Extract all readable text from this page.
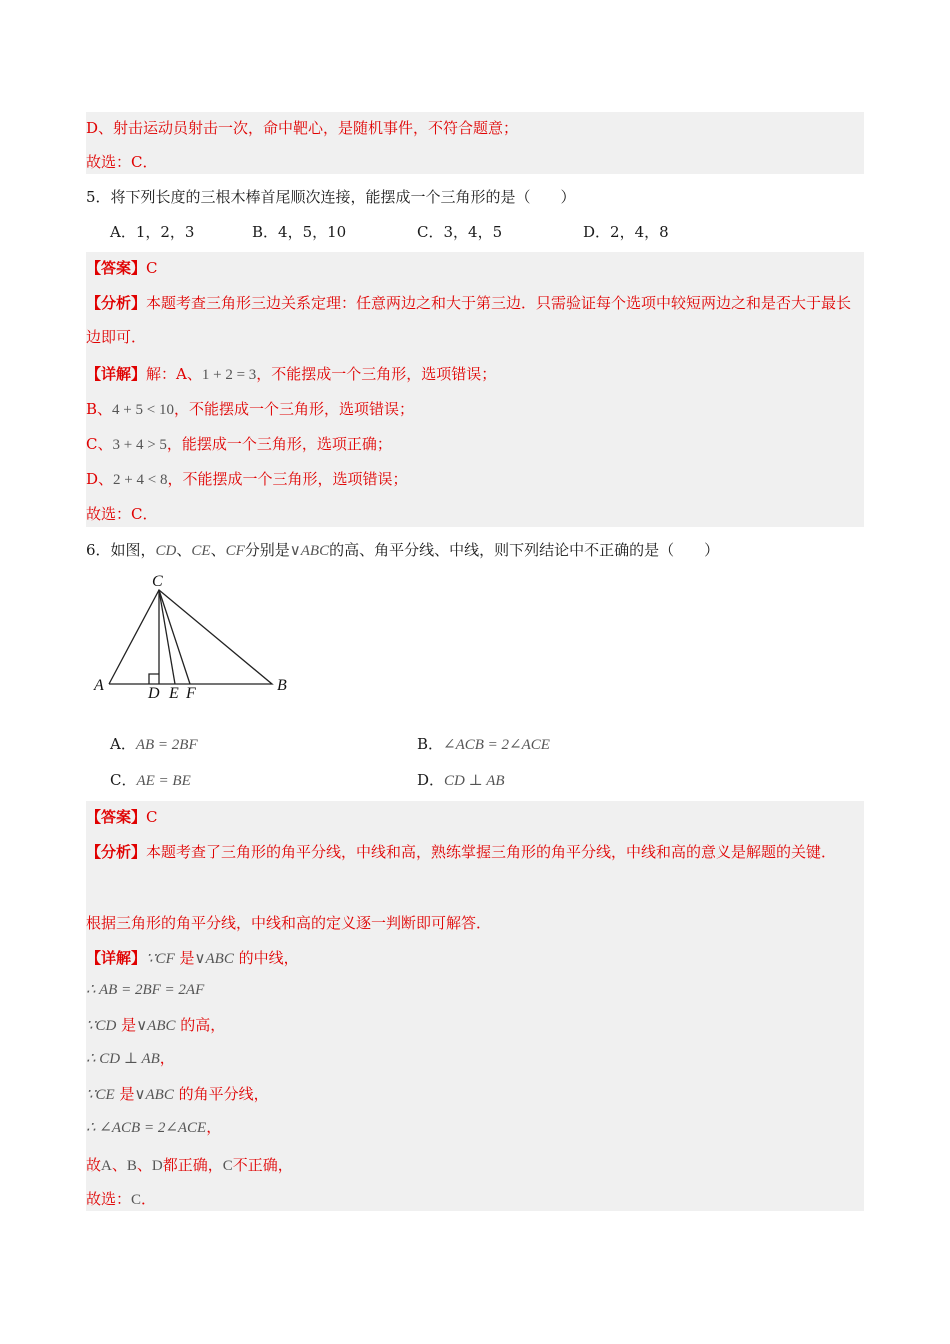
D、射击运动员射击一次，命中靶心，是随机事件，不符合题意；
故选：C．
5．将下列长度的三根木棒首尾顺次连接，能摆成一个三角形的是（　　）
A．1，2，3	B．4，5，10	C．3，4，5	D．2，4，8
【答案】C
【分析】本题考查三角形三边关系定理：任意两边之和大于第三边．只需验证每个选项中较短两边之和是否大于最长边即可．
【详解】解：A、1 + 2 = 3，不能摆成一个三角形，选项错误；
B、4 + 5 < 10，不能摆成一个三角形，选项错误；
C、3 + 4 > 5，能摆成一个三角形，选项正确；
D、2 + 4 < 8，不能摆成一个三角形，选项错误；
故选：C．
6．如图，CD、CE、CF分别是∨ABC的高、角平分线、中线，则下列结论中不正确的是（　　）
C
A	D E F	B
A．AB = 2BF	B．∠ACB = 2∠ACE
C．AE = BE	D．CD ⊥ AB
【答案】C
【分析】本题考查了三角形的角平分线，中线和高，熟练掌握三角形的角平分线，中线和高的意义是解题的关键．
根据三角形的角平分线，中线和高的定义逐一判断即可解答．
【详解】∵CF 是∨ABC 的中线，
∴ AB = 2BF = 2AF
∵CD 是∨ABC 的高，
∴ CD ⊥ AB，
∵CE 是∨ABC 的角平分线，
∴ ∠ACB = 2∠ACE，
故A、B、D都正确，C不正确，
故选：C．
